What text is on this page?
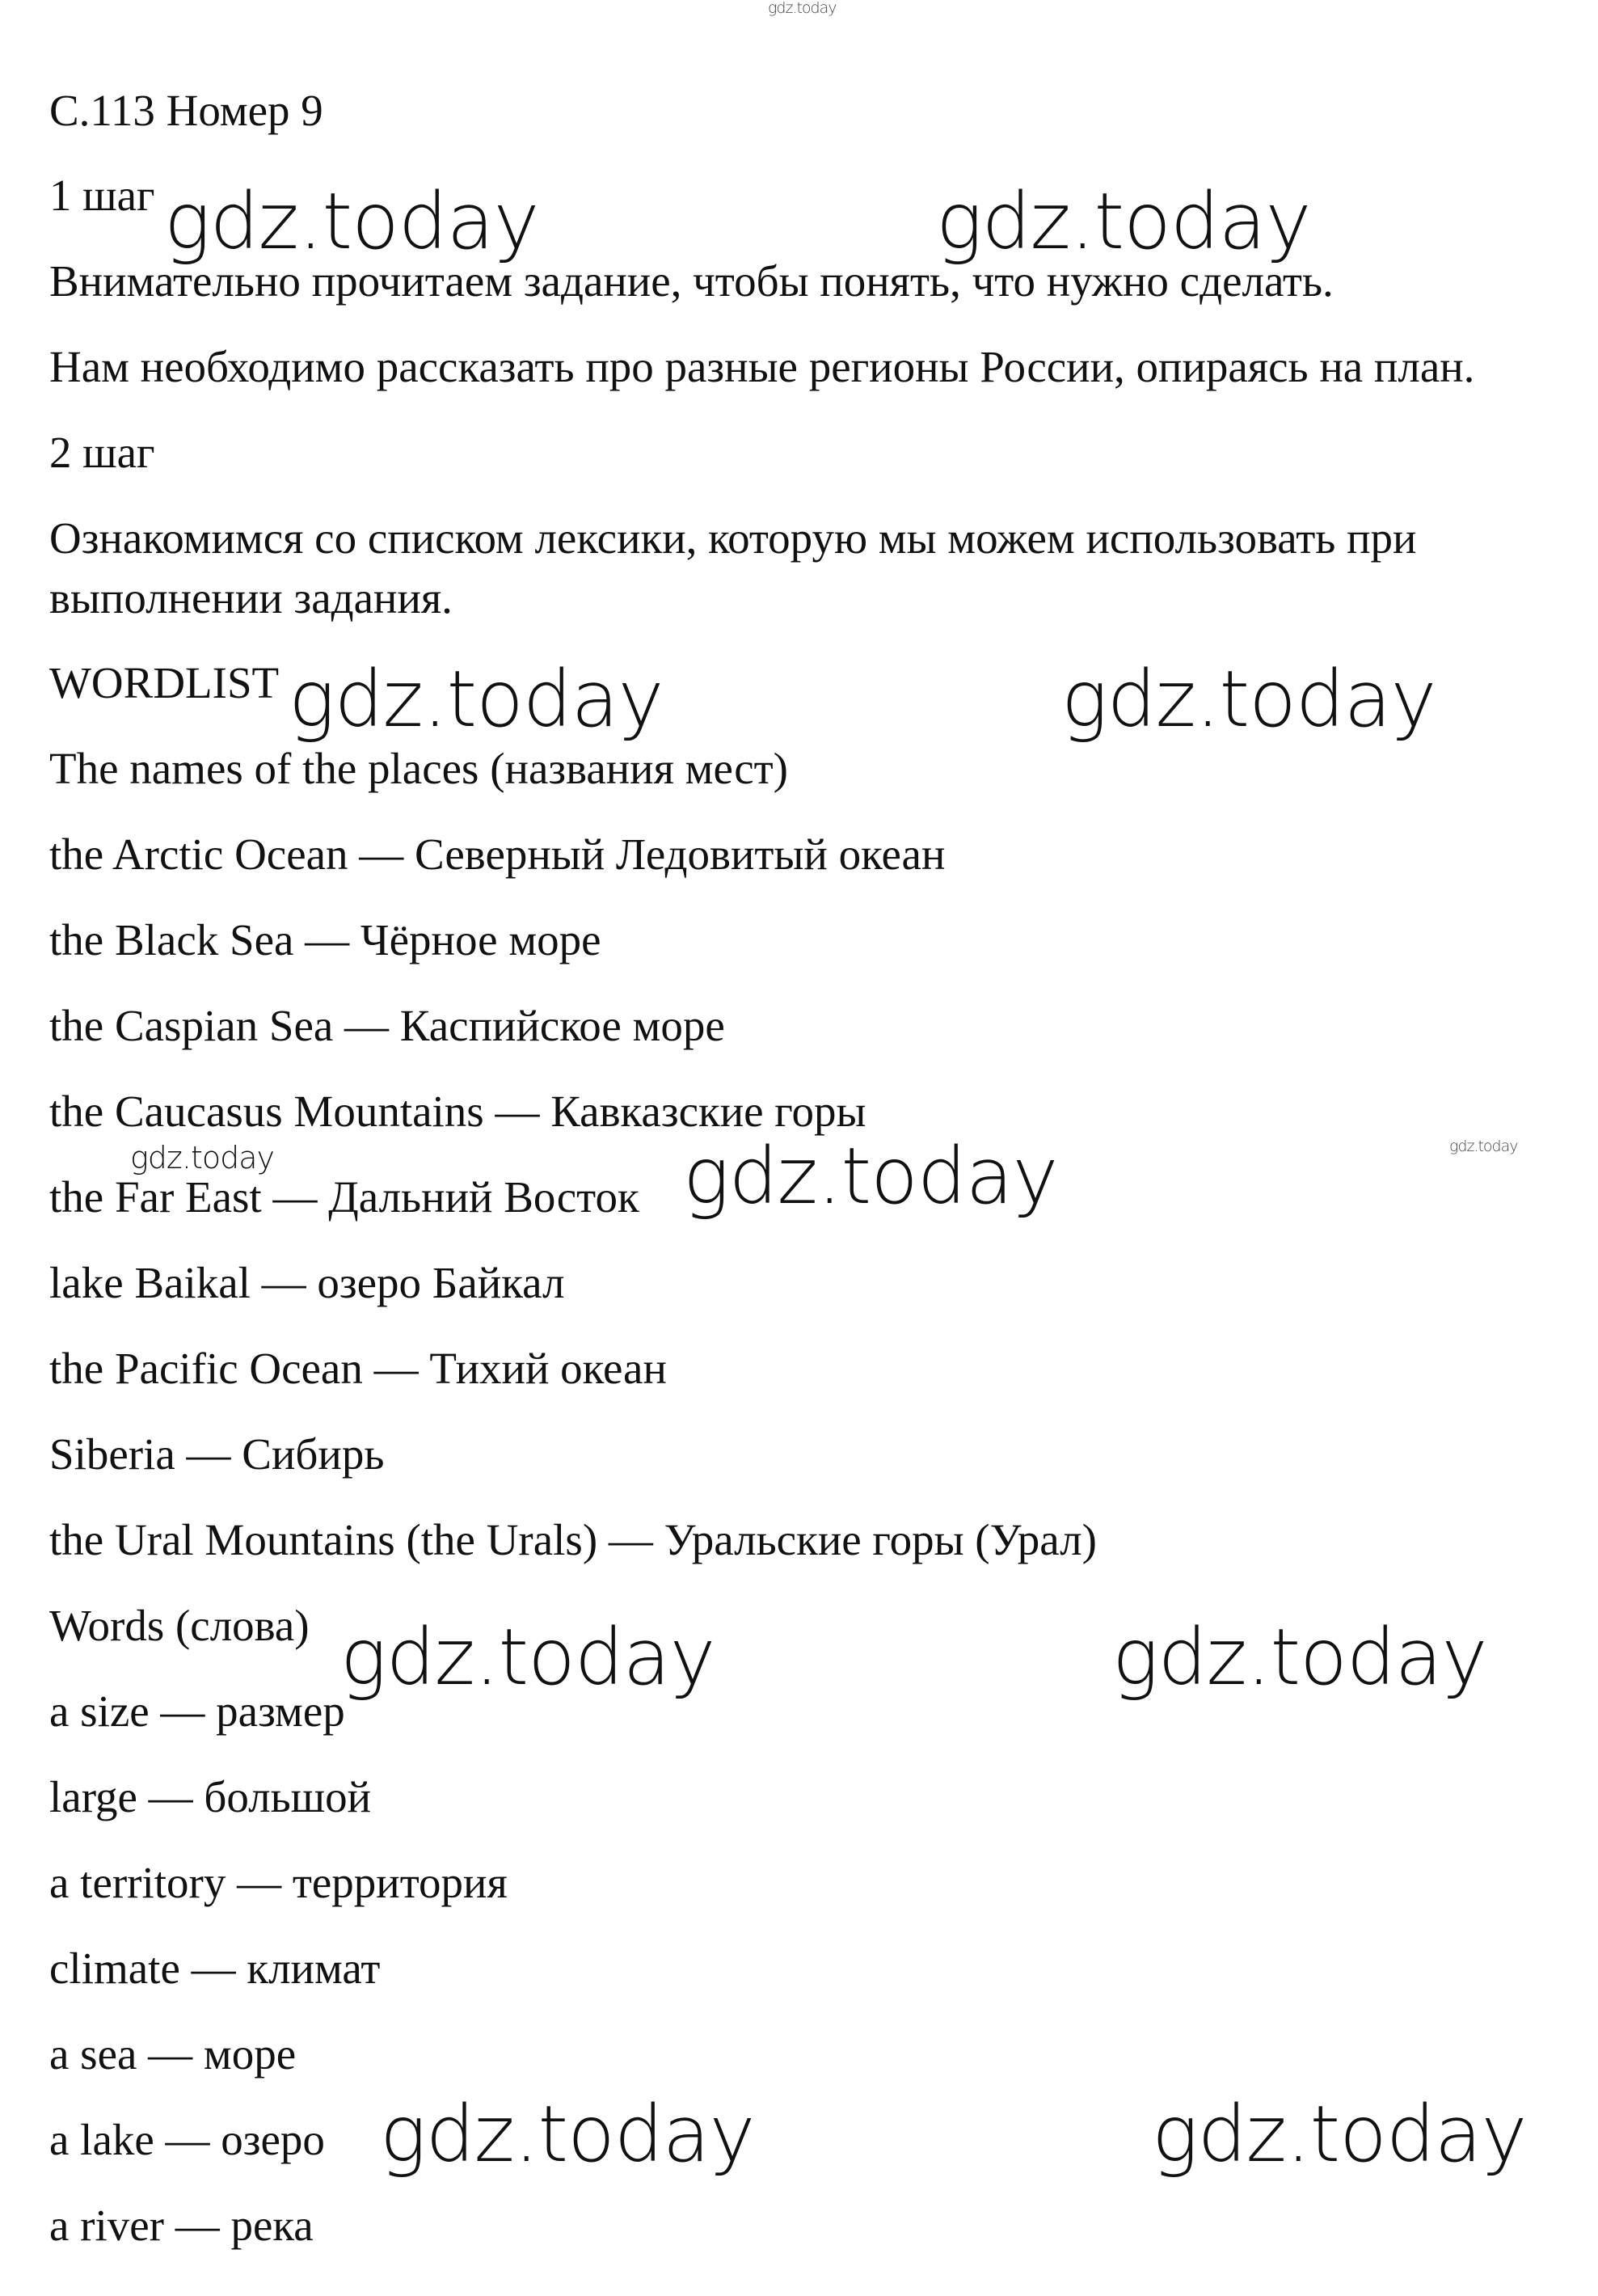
gdz.today
gdz.today	gdz.today
gdz.today	gdz.today
gdz.today	gdz.today
gdz.today
gdz.today	gdz.today
gdz.today	gdz.today
С.113 Номер 9
1 шаг
Внимательно прочитаем задание, чтобы понять, что нужно сделать.
Нам необходимо рассказать про разные регионы России, опираясь на план.
2 шаг
Ознакомимся со списком лексики, которую мы можем использовать при
выполнении задания.
WORDLIST
The names of the places (названия мест)
the Arctic Ocean — Северный Ледовитый океан
the Black Sea — Чёрное море
the Caspian Sea — Каспийское море
the Caucasus Mountains — Кавказские горы
the Far East — Дальний Восток
lake Baikal — озеро Байкал
the Pacific Ocean — Тихий океан
Siberia — Сибирь
the Ural Mountains (the Urals) — Уральские горы (Урал)
Words (слова)
a size — размер
large — большой
a territory — территория
climate — климат
a sea — море
a lake — озеро
a river — река
